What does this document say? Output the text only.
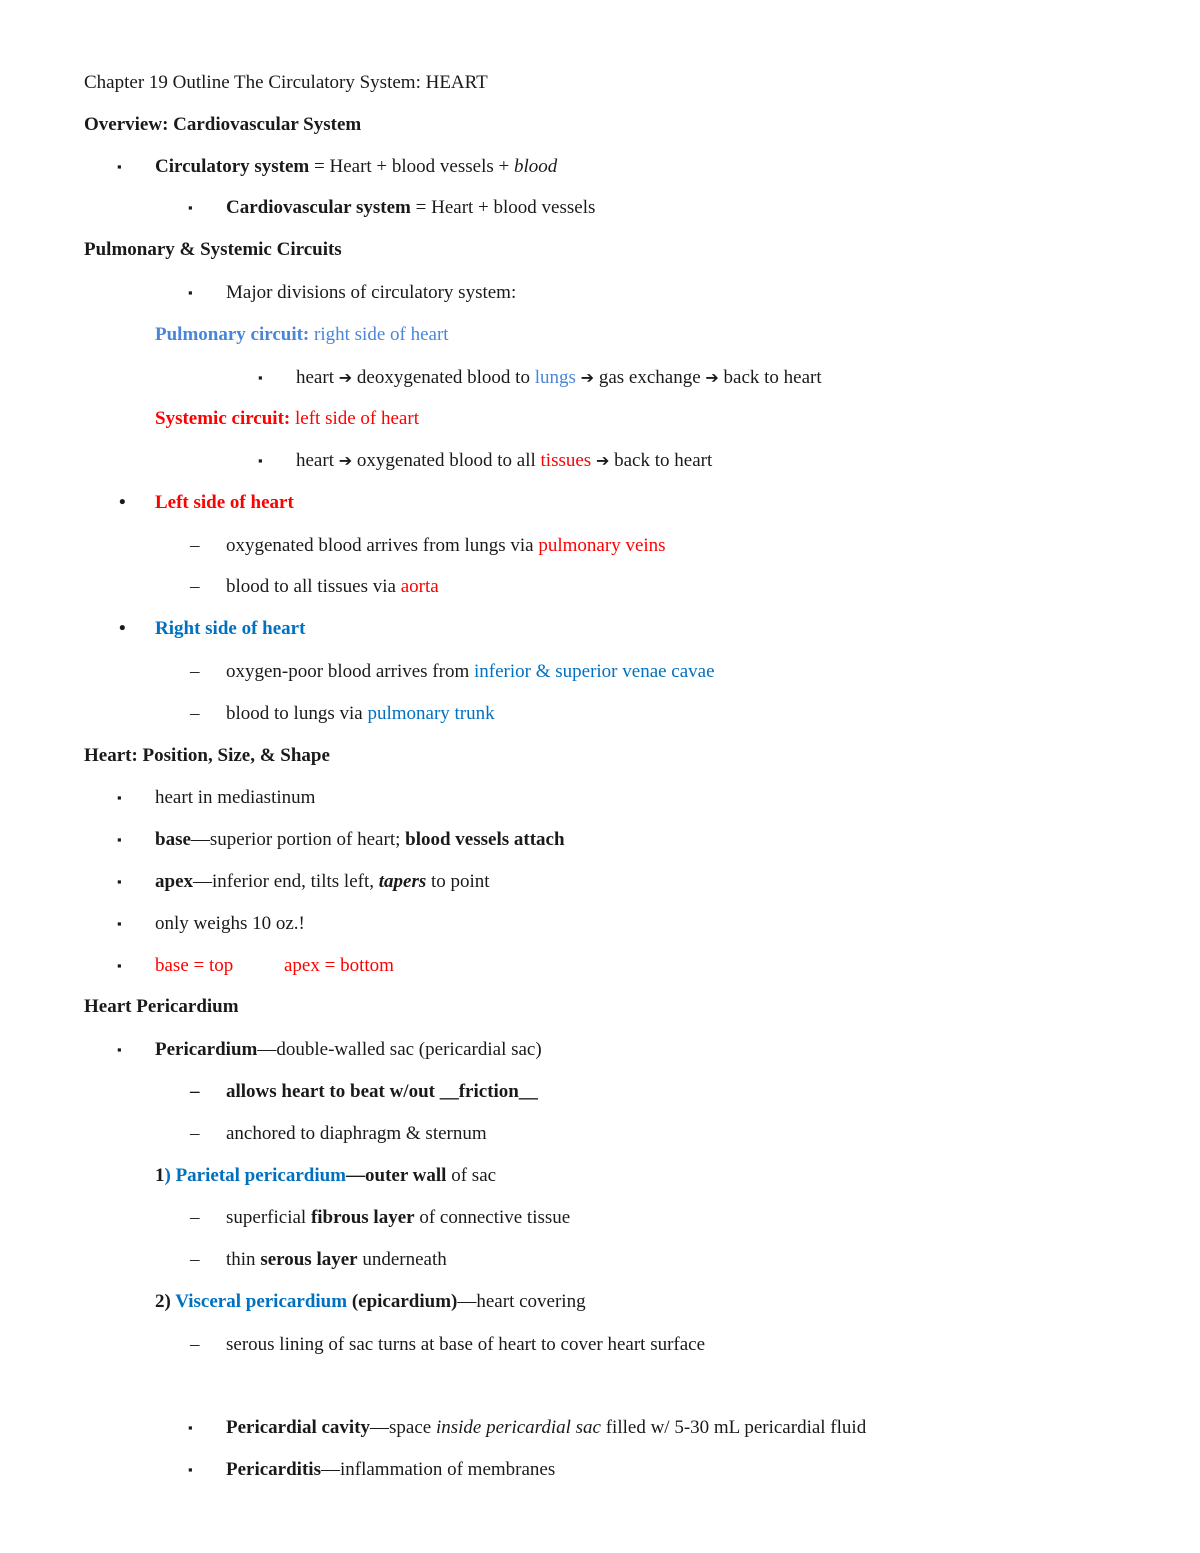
Chapter 19 Outline The Circulatory System: HEART
Overview: Cardiovascular System
▪ Circulatory system = Heart + blood vessels + blood
▪ Cardiovascular system = Heart + blood vessels
Pulmonary & Systemic Circuits
▪ Major divisions of circulatory system:
Pulmonary circuit: right side of heart
▪ heart ➔ deoxygenated blood to lungs ➔ gas exchange ➔ back to heart
Systemic circuit: left side of heart
▪ heart ➔ oxygenated blood to all tissues ➔ back to heart
• Left side of heart
– oxygenated blood arrives from lungs via pulmonary veins
– blood to all tissues via aorta
• Right side of heart
– oxygen-poor blood arrives from inferior & superior venae cavae
– blood to lungs via pulmonary trunk
Heart: Position, Size, & Shape
▪ heart in mediastinum
▪ base—superior portion of heart; blood vessels attach
▪ apex—inferior end, tilts left, tapers to point
▪ only weighs 10 oz.!
▪ base = top	apex = bottom
Heart Pericardium
▪ Pericardium—double-walled sac (pericardial sac)
– allows heart to beat w/out __friction__
– anchored to diaphragm & sternum
1) Parietal pericardium—outer wall of sac
– superficial fibrous layer of connective tissue
– thin serous layer underneath
2) Visceral pericardium (epicardium)—heart covering
– serous lining of sac turns at base of heart to cover heart surface
▪ Pericardial cavity—space inside pericardial sac filled w/ 5-30 mL pericardial fluid
▪ Pericarditis—inflammation of membranes
